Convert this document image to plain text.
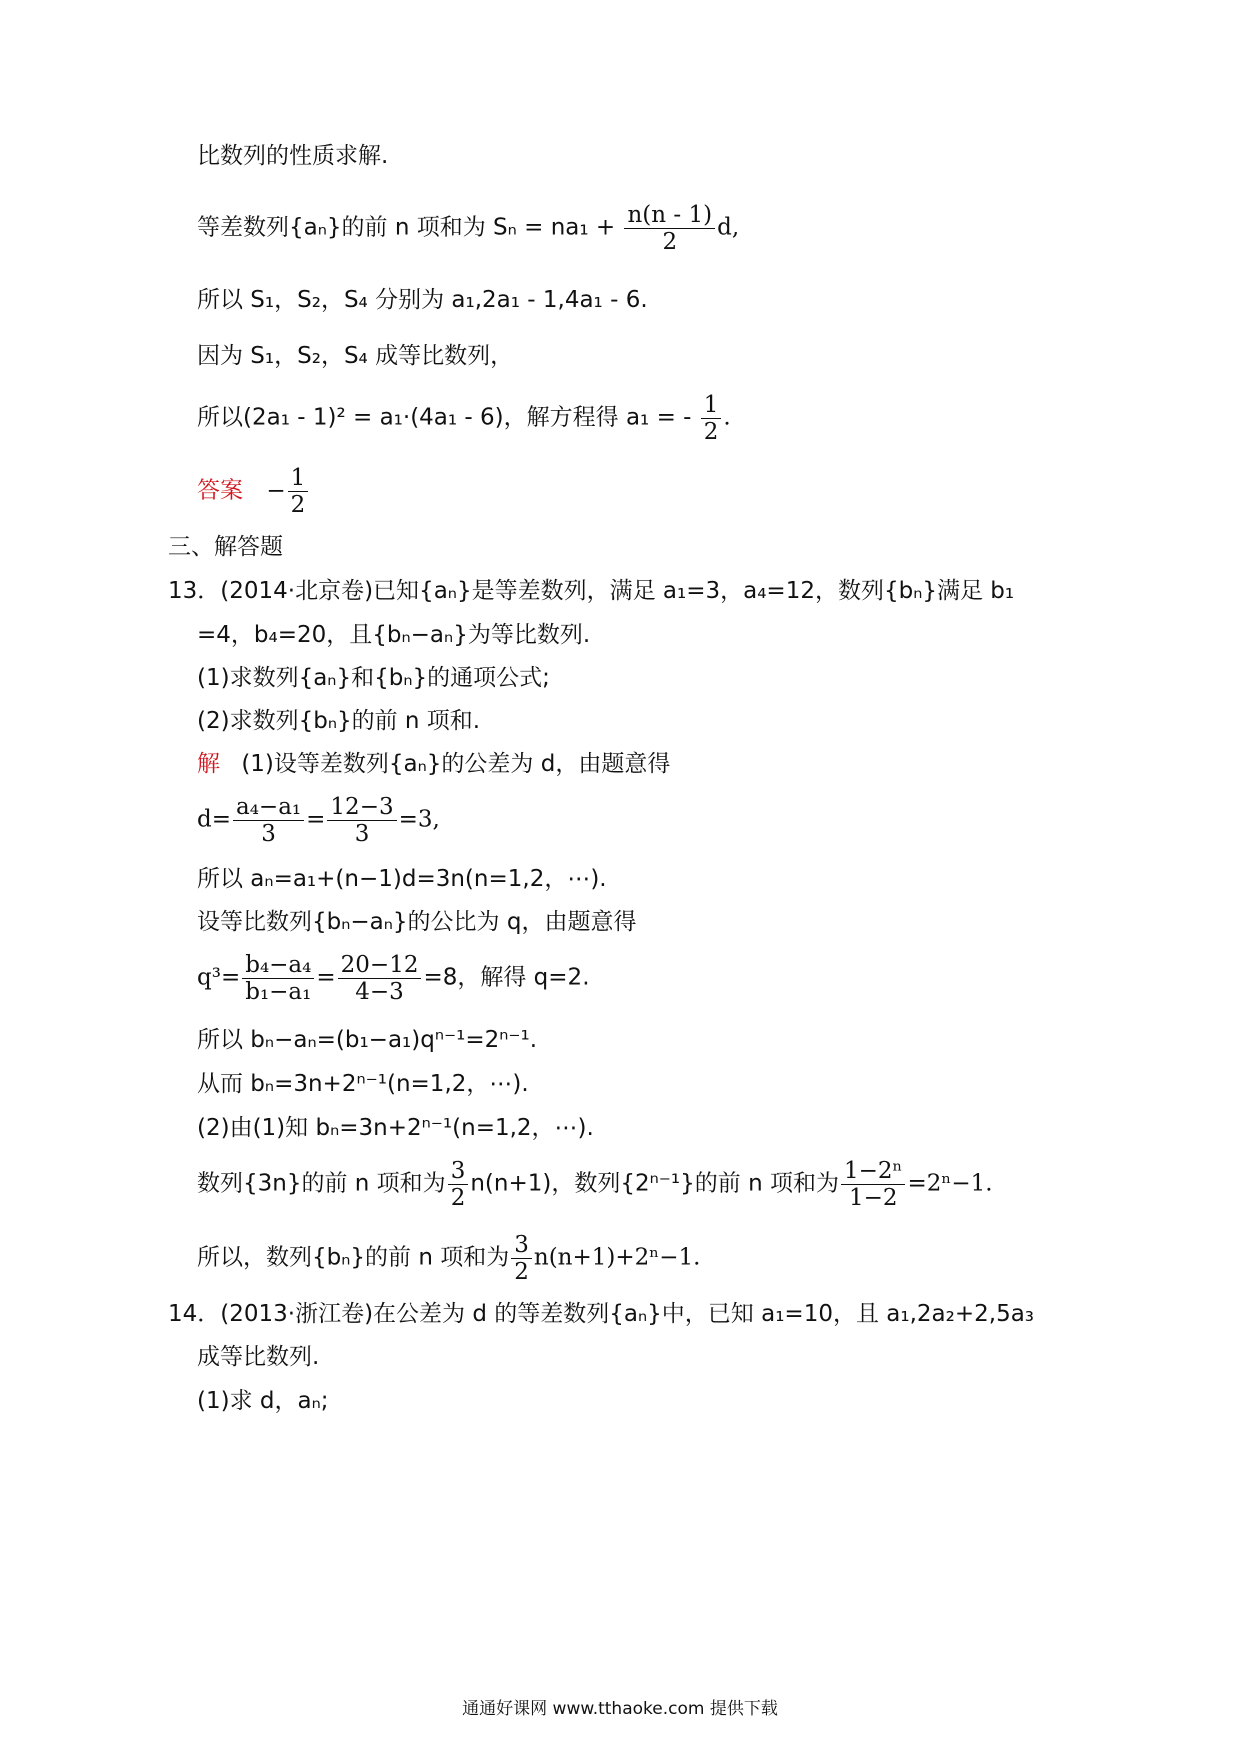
比数列的性质求解.
等差数列{aₙ}的前 n 项和为 $S_n = na_1 + \frac{n(n - 1)}{2} d$,
所以 S₁，S₂，S₄ 分别为 a₁,2a₁ - 1,4a₁ - 6.
因为 S₁，S₂，S₄ 成等比数列，
所以(2a₁ - 1)² = a₁·(4a₁ - 6)，解方程得 a₁ = - $\frac{1}{2}$ .
答案 − $\frac{1}{2}$
三、解答题
13．(2014·北京卷)已知{aₙ}是等差数列，满足 a₁=3，a₄=12，数列{bₙ}满足 b₁
=4，b₄=20，且{bₙ−aₙ}为等比数列.
(1)求数列{aₙ}和{bₙ}的通项公式;
(2)求数列{bₙ}的前 n 项和.
解 (1)设等差数列{aₙ}的公差为 d，由题意得
$d= \frac{\text{a₄−a₁}}{3} = \frac{12-3}{3} =3$,
所以 aₙ=a₁+(n−1)d=3n(n=1,2，⋯).
设等比数列{bₙ−aₙ}的公比为 q，由题意得
$q^3= \frac{\text{b₄−a₄}}{\text{b₁−a₁}} = \frac{20-12}{4-3} =8$，解得 q=2.
所以 bₙ−aₙ=(b₁−a₁)qⁿ⁻¹=2ⁿ⁻¹.
从而 bₙ=3n+2ⁿ⁻¹(n=1,2，⋯).
(2)由(1)知 bₙ=3n+2ⁿ⁻¹(n=1,2，⋯).
数列{3n}的前 n 项和为 $\frac{3}{2} n(n+1)$，数列{2ⁿ⁻¹}的前 n 项和为 $\frac{\text{1−2ⁿ}}{1-2} =2^n-1$.
所以，数列{bₙ}的前 n 项和为 $\frac{3}{2} n(n+1)+2^n-1$.
14．(2013·浙江卷)在公差为 d 的等差数列{aₙ}中，已知 a₁=10，且 a₁,2a₂+2,5a₃
成等比数列.
(1)求 d，aₙ;
通通好课网 www.tthaoke.com 提供下载
